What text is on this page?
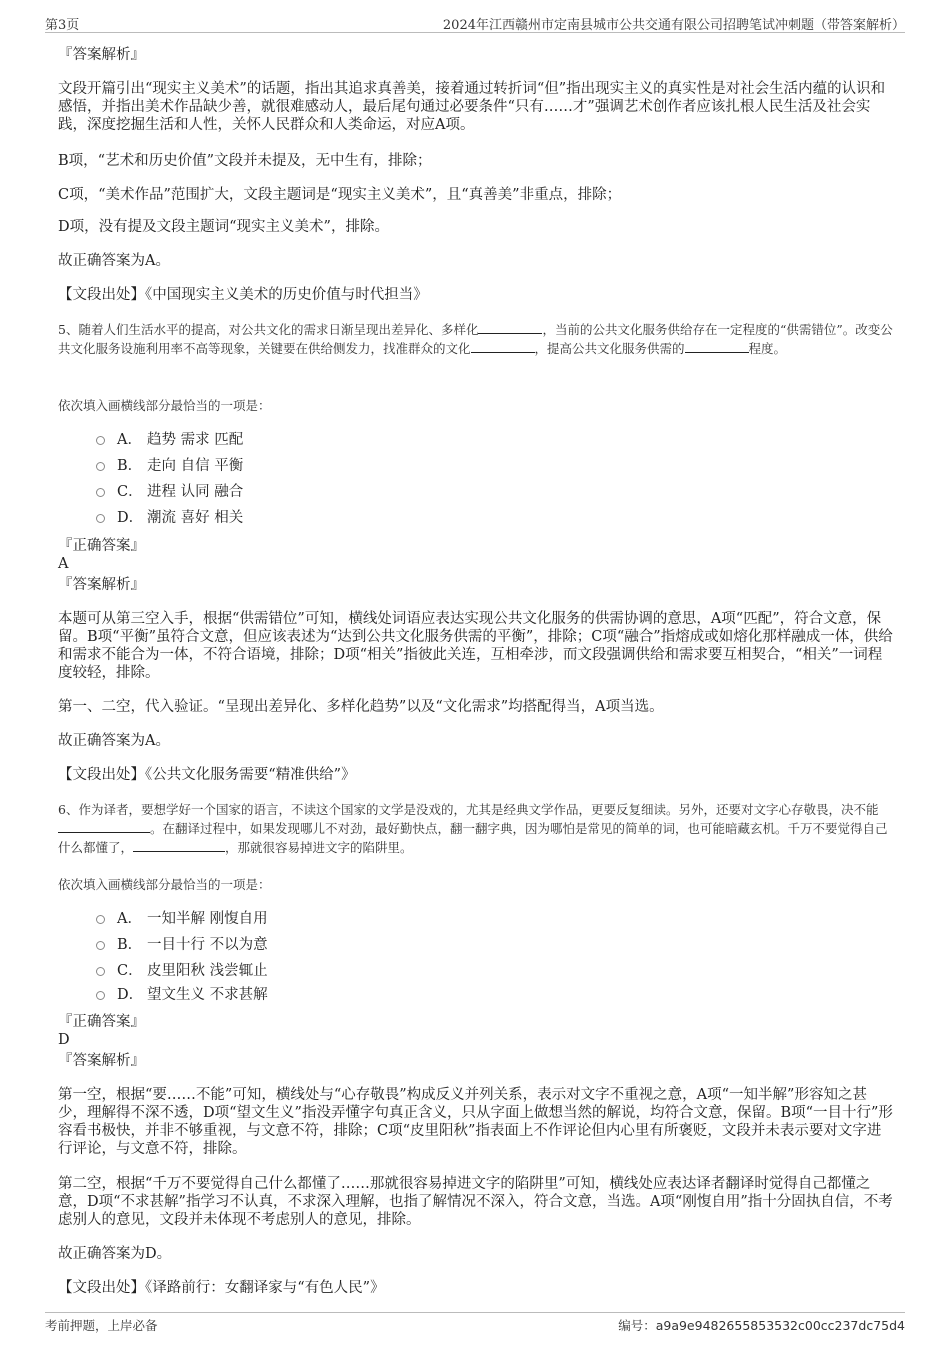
第3页	2024年江西赣州市定南县城市公共交通有限公司招聘笔试冲刺题（带答案解析）

『答案解析』

文段开篇引出“现实主义美术”的话题，指出其追求真善美，接着通过转折词“但”指出现实主义的真实性是对社会生活内蕴的认识和感悟，并指出美术作品缺少善，就很难感动人，最后尾句通过必要条件“只有……才”强调艺术创作者应该扎根人民生活及社会实践，深度挖掘生活和人性，关怀人民群众和人类命运，对应A项。

B项，“艺术和历史价值”文段并未提及，无中生有，排除；

C项，“美术作品”范围扩大，文段主题词是“现实主义美术”，且“真善美”非重点，排除；

D项，没有提及文段主题词“现实主义美术”，排除。

故正确答案为A。

【文段出处】《中国现实主义美术的历史价值与时代担当》

5、随着人们生活水平的提高，对公共文化的需求日渐呈现出差异化、多样化	，当前的公共文化服务供给存在一定程度的“供需错位”。改变公共文化服务设施利用率不高等现象，关键要在供给侧发力，找准群众的文化	，提高公共文化服务供需的	程度。

依次填入画横线部分最恰当的一项是：

A． 趋势 需求 匹配
B． 走向 自信 平衡
C． 进程 认同 融合
D． 潮流 喜好 相关

『正确答案』

A

『答案解析』

本题可从第三空入手，根据“供需错位”可知，横线处词语应表达实现公共文化服务的供需协调的意思，A项“匹配”，符合文意，保留。B项“平衡”虽符合文意，但应该表述为“达到公共文化服务供需的平衡”，排除；C项“融合”指熔成或如熔化那样融成一体，供给和需求不能合为一体，不符合语境，排除；D项“相关”指彼此关连，互相牵涉，而文段强调供给和需求要互相契合，“相关”一词程度较轻，排除。

第一、二空，代入验证。“呈现出差异化、多样化趋势”以及“文化需求”均搭配得当，A项当选。

故正确答案为A。

【文段出处】《公共文化服务需要“精准供给”》

6、作为译者，要想学好一个国家的语言，不读这个国家的文学是没戏的，尤其是经典文学作品，更要反复细读。另外，还要对文字心存敬畏，决不能。在翻译过程中，如果发现哪儿不对劲，最好勤快点，翻一翻字典，因为哪怕是常见的简单的词，也可能暗藏玄机。千万不要觉得自己什么都懂了，	，那就很容易掉进文字的陷阱里。

依次填入画横线部分最恰当的一项是：

A． 一知半解 刚愎自用
B． 一目十行 不以为意
C． 皮里阳秋 浅尝辄止
D． 望文生义 不求甚解

『正确答案』

D

『答案解析』

第一空，根据“要……不能”可知，横线处与“心存敬畏”构成反义并列关系，表示对文字不重视之意，A项“一知半解”形容知之甚少，理解得不深不透，D项“望文生义”指没弄懂字句真正含义，只从字面上做想当然的解说，均符合文意，保留。B项“一目十行”形容看书极快，并非不够重视，与文意不符，排除；C项“皮里阳秋”指表面上不作评论但内心里有所褒贬，文段并未表示要对文字进行评论，与文意不符，排除。

第二空，根据“千万不要觉得自己什么都懂了……那就很容易掉进文字的陷阱里”可知，横线处应表达译者翻译时觉得自己都懂之意，D项“不求甚解”指学习不认真，不求深入理解，也指了解情况不深入，符合文意，当选。A项“刚愎自用”指十分固执自信，不考虑别人的意见，文段并未体现不考虑别人的意见，排除。

故正确答案为D。

【文段出处】《译路前行：女翻译家与“有色人民”》

考前押题，上岸必备	编号：a9a9e9482655853532c00cc237dc75d4
